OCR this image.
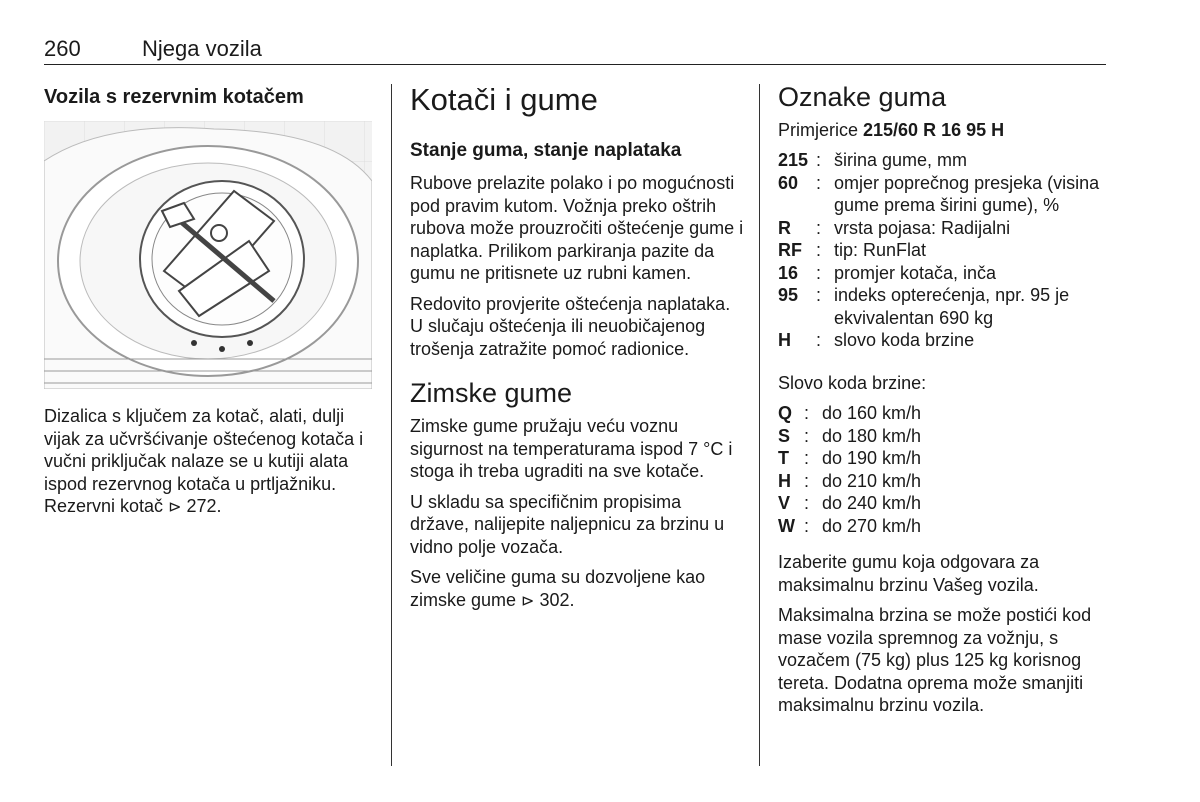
260	Njega vozila
Vozila s rezervnim kotačem

Dizalica s ključem za kotač, alati, dulji vijak za učvršćivanje oštećenog kotača i vučni priključak nalaze se u kutiji alata ispod rezervnog kotača u prtljažniku. Rezervni kotač ⊳ 272.

Kotači i gume
Stanje guma, stanje naplataka

Rubove prelazite polako i po mogućnosti pod pravim kutom. Vožnja preko oštrih rubova može prouzročiti oštećenje gume i naplatka. Prilikom parkiranja pazite da gumu ne pritisnete uz rubni kamen.

Redovito provjerite oštećenja naplataka. U slučaju oštećenja ili neuobičajenog trošenja zatražite pomoć radionice.

Zimske gume

Zimske gume pružaju veću voznu sigurnost na temperaturama ispod 7 °C i stoga ih treba ugraditi na sve kotače.

U skladu sa specifičnim propisima države, nalijepite naljepnicu za brzinu u vidno polje vozača.

Sve veličine guma su dozvoljene kao zimske gume ⊳ 302.

Oznake guma
Primjerice 215/60 R 16 95 H
215 : širina gume, mm
60 : omjer poprečnog presjeka (visina gume prema širini gume), %
R	: vrsta pojasa: Radijalni
RF : tip: RunFlat
16 : promjer kotača, inča
95 : indeks opterećenja, npr. 95 je ekvivalentan 690 kg
H	: slovo koda brzine

Slovo koda brzine:

Q : do 160 km/h
S : do 180 km/h
T : do 190 km/h
H : do 210 km/h
V : do 240 km/h
W : do 270 km/h

Izaberite gumu koja odgovara za maksimalnu brzinu Vašeg vozila.

Maksimalna brzina se može postići kod mase vozila spremnog za vožnju, s vozačem (75 kg) plus 125 kg korisnog tereta. Dodatna oprema može smanjiti maksimalnu brzinu vozila.
